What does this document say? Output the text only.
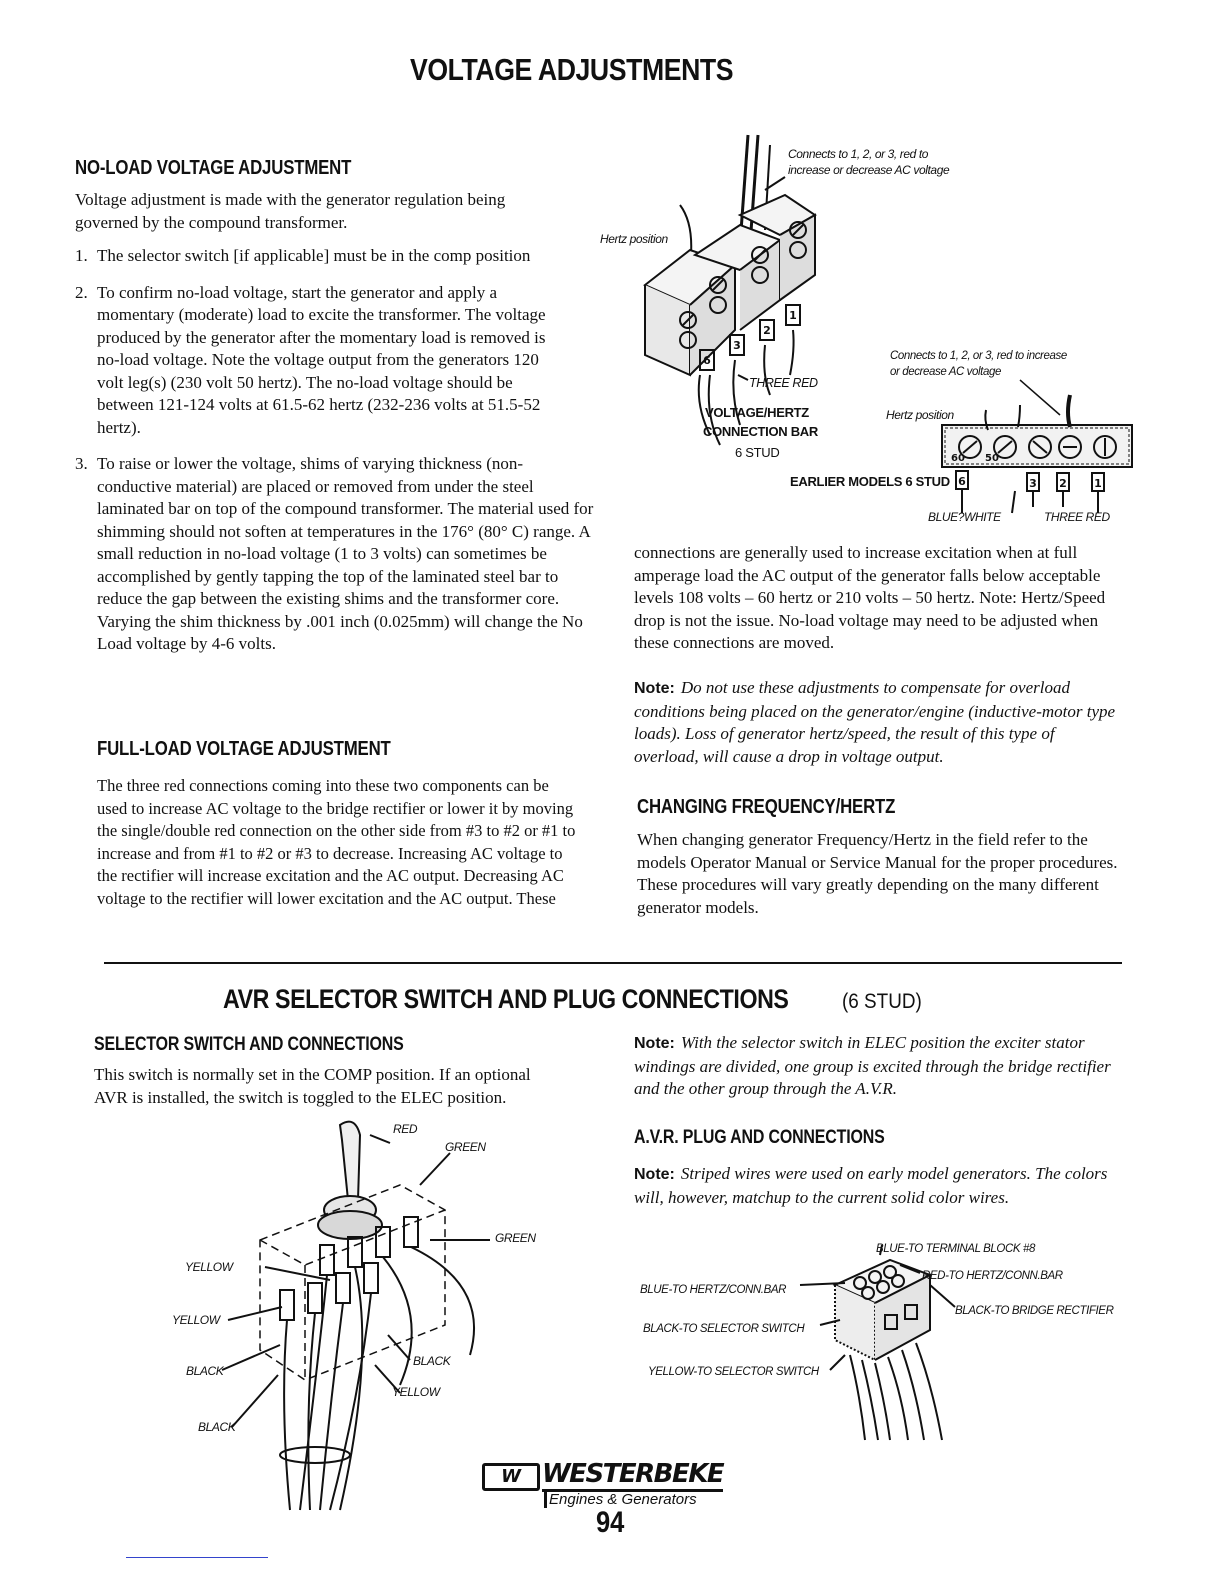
VOLTAGE ADJUSTMENTS
NO-LOAD VOLTAGE ADJUSTMENT

Voltage adjustment is made with the generator regulation being governed by the compound transformer.

1. The selector switch [if applicable] must be in the comp position
2. To confirm no-load voltage, start the generator and apply a momentary (moderate) load to excite the transformer. The voltage produced by the generator after the momentary load is removed is no-load voltage. Note the voltage output from the generators 120 volt leg(s) (230 volt 50 hertz). The no-load voltage should be between 121-124 volts at 61.5-62 hertz (232-236 volts at 51.5-52 hertz).
3. To raise or lower the voltage, shims of varying thickness (non-conductive material) are placed or removed from under the steel laminated bar on top of the compound transformer. The material used for shimming should not soften at temperatures in the 176° (80° C) range. A small reduction in no-load voltage (1 to 3 volts) can sometimes be accomplished by gently tapping the top of the laminated steel bar to reduce the gap between the existing shims and the transformer core. Varying the shim thickness by .001 inch (0.025mm) will change the No Load voltage by 4-6 volts.
FULL-LOAD VOLTAGE ADJUSTMENT

The three red connections coming into these two components can be used to increase AC voltage to the bridge rectifier or lower it by moving the single/double red connection on the other side from #3 to #2 or #1 to increase and from #1 to #2 or #3 to decrease. Increasing AC voltage to the rectifier will increase excitation and the AC output. Decreasing AC voltage to the rectifier will lower excitation and the AC output. These

6
3
2
1
6	3 2 1
60 50
Connects to 1, 2, or 3, red to increase or decrease AC voltage
Hertz position
THREE RED
VOLTAGE/HERTZ
CONNECTION BAR
6 STUD
Connects to 1, 2, or 3, red to increase or decrease AC voltage
Hertz position
EARLIER MODELS 6 STUD
BLUE?WHITE	THREE RED

connections are generally used to increase excitation when at full amperage load the AC output of the generator falls below acceptable levels 108 volts – 60 hertz or 210 volts – 50 hertz. Note: Hertz/Speed drop is not the issue. No-load voltage may need to be adjusted when these connections are moved.

Note: Do not use these adjustments to compensate for overload conditions being placed on the generator/engine (inductive-motor type loads). Loss of generator hertz/speed, the result of this type of overload, will cause a drop in voltage output.
CHANGING FREQUENCY/HERTZ

When changing generator Frequency/Hertz in the field refer to the models Operator Manual or Service Manual for the proper procedures. These procedures will vary greatly depending on the many different generator models.

AVR SELECTOR SWITCH AND PLUG CONNECTIONS	(6 STUD)
SELECTOR SWITCH AND CONNECTIONS

This switch is normally set in the COMP position. If an optional AVR is installed, the switch is toggled to the ELEC position.

Note: With the selector switch in ELEC position the exciter stator windings are divided, one group is excited through the bridge rectifier and the other group through the A.V.R.
A.V.R. PLUG AND CONNECTIONS
Note: Striped wires were used on early model generators. The colors will, however, matchup to the current solid color wires.
RED
GREEN
GREEN
YELLOW
YELLOW
BLACK
BLACK
YELLOW
BLACK
BLUE-TO TERMINAL BLOCK #8
RED-TO HERTZ/CONN.BAR
BLUE-TO HERTZ/CONN.BAR
BLACK-TO BRIDGE RECTIFIER
BLACK-TO SELECTOR SWITCH
YELLOW-TO SELECTOR SWITCH
W WESTERBEKE
Engines & Generators
94
